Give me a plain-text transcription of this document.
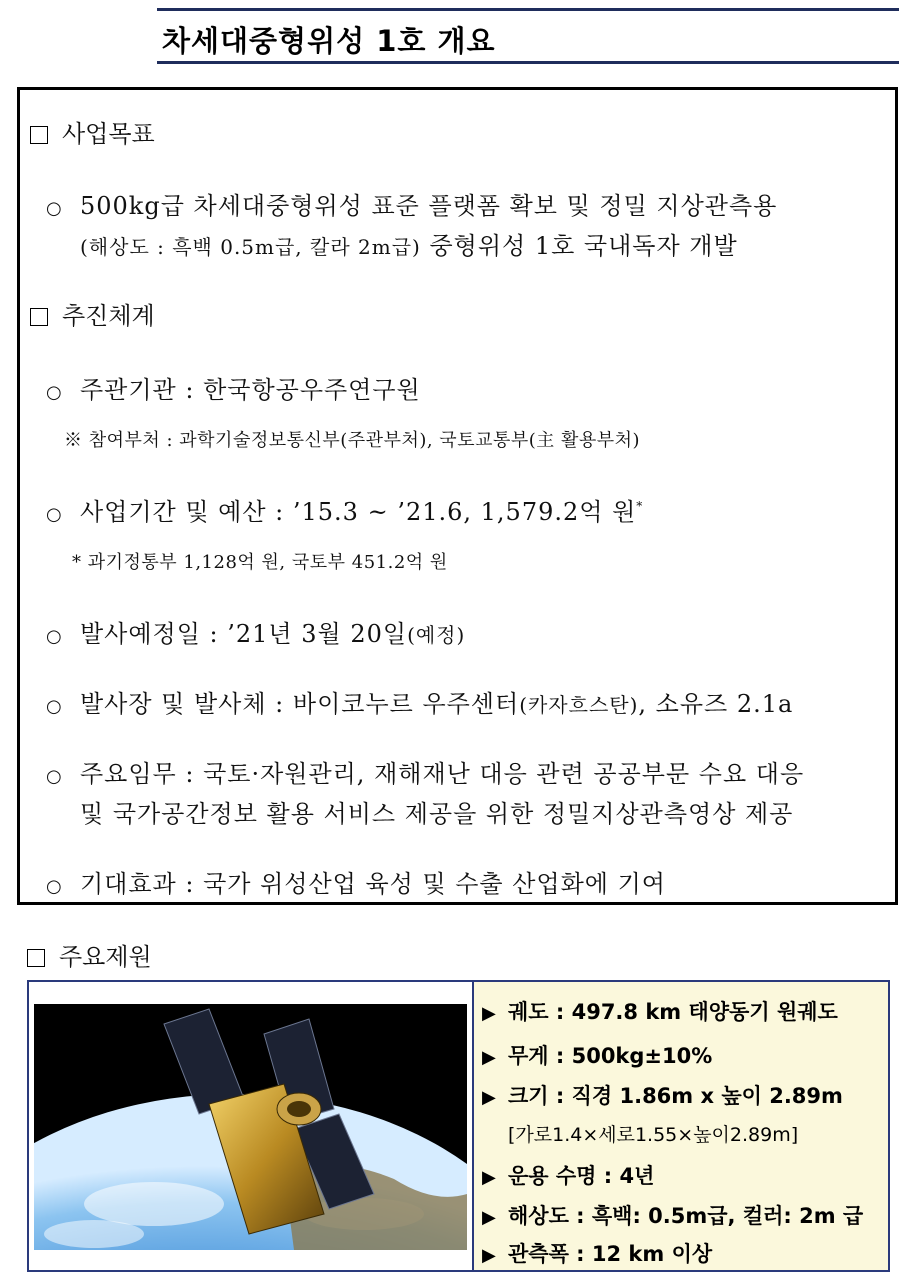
차세대중형위성 1호 개요
사업목표
○ 500kg급 차세대중형위성 표준 플랫폼 확보 및 정밀 지상관측용
(해상도 : 흑백 0.5m급, 칼라 2m급) 중형위성 1호 국내독자 개발
추진체계
○ 주관기관 : 한국항공우주연구원
※ 참여부처 : 과학기술정보통신부(주관부처), 국토교통부(主 활용부처)
○ 사업기간 및 예산 : ’15.3 ~ ’21.6, 1,579.2억 원*
* 과기정통부 1,128억 원, 국토부 451.2억 원
○ 발사예정일 : ’21년 3월 20일(예정)
○ 발사장 및 발사체 : 바이코누르 우주센터(카자흐스탄), 소유즈 2.1a
○ 주요임무 : 국토·자원관리, 재해재난 대응 관련 공공부문 수요 대응
및 국가공간정보 활용 서비스 제공을 위한 정밀지상관측영상 제공
○ 기대효과 : 국가 위성산업 육성 및 수출 산업화에 기여
주요제원
▶ 궤도 : 497.8 km 태양동기 원궤도
▶ 무게 : 500kg±10%
▶ 크기 : 직경 1.86m x 높이 2.89m
[가로1.4×세로1.55×높이2.89m]
▶ 운용 수명 : 4년
▶ 해상도 : 흑백: 0.5m급, 컬러: 2m 급
▶ 관측폭 : 12 km 이상
